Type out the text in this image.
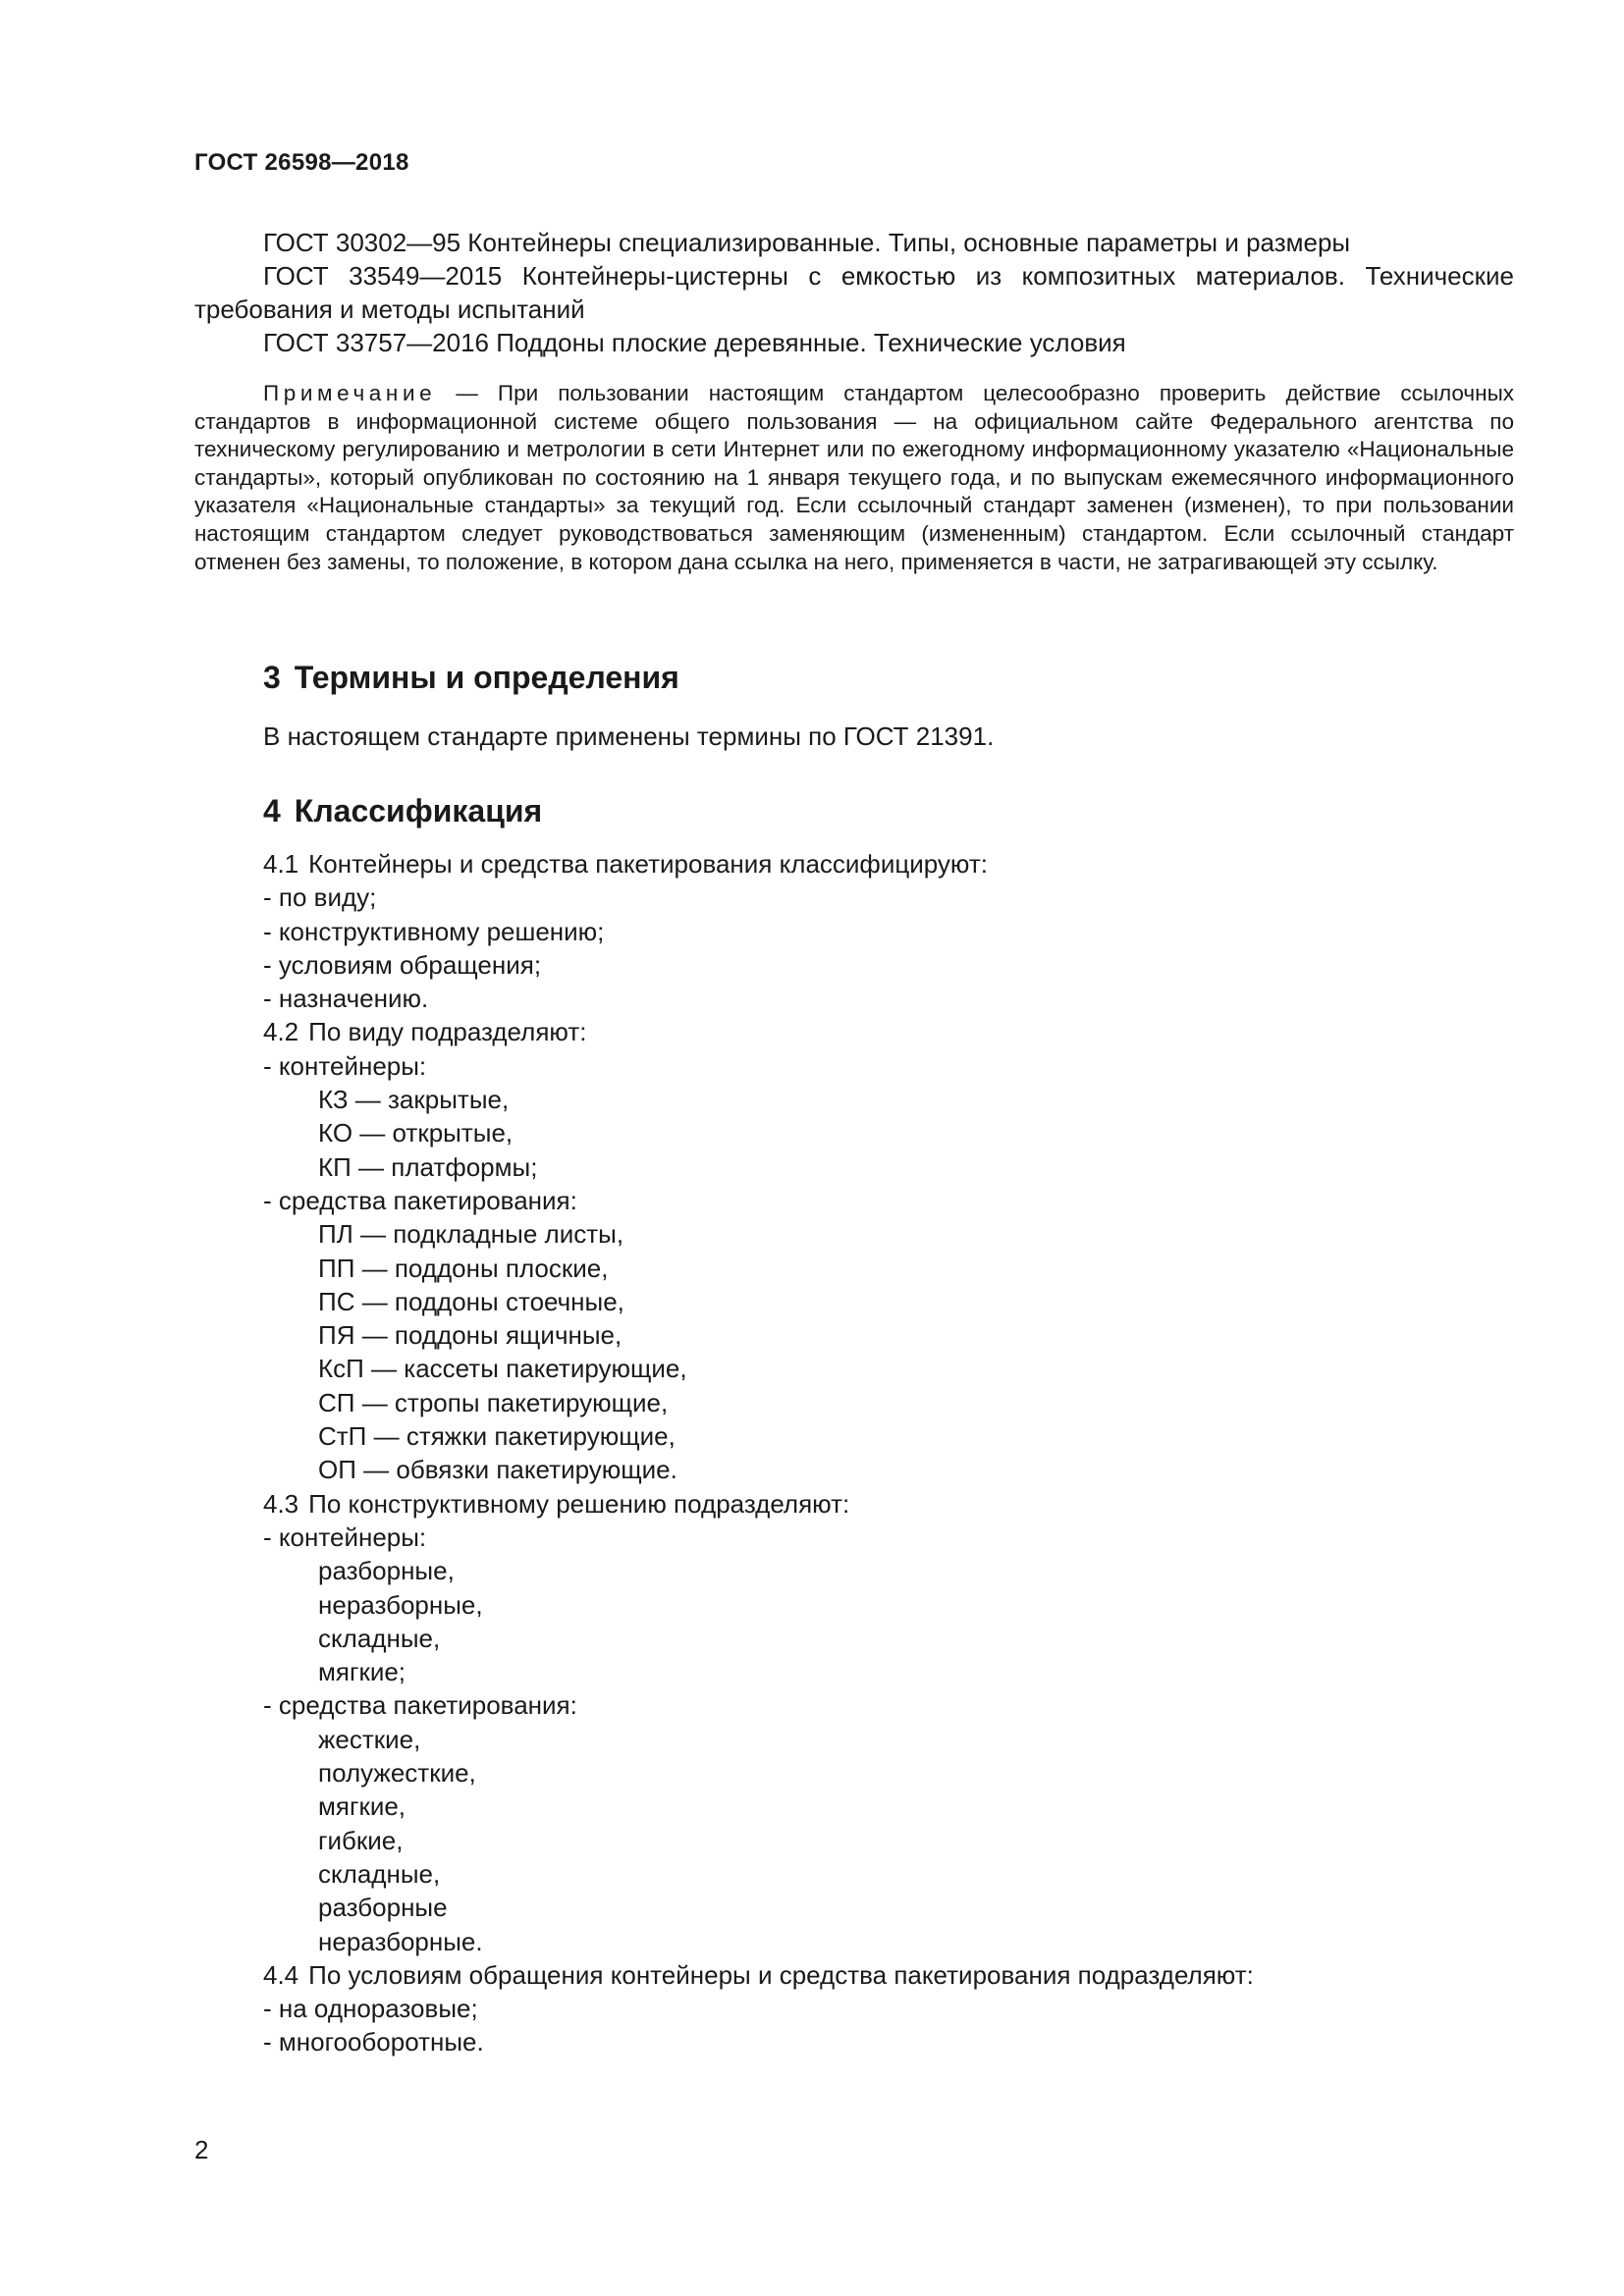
ГОСТ 26598—2018

ГОСТ 30302—95 Контейнеры специализированные. Типы, основные параметры и размеры

ГОСТ 33549—2015 Контейнеры-цистерны с емкостью из композитных материалов. Технические требования и методы испытаний

ГОСТ 33757—2016 Поддоны плоские деревянные. Технические условия

Примечание — При пользовании настоящим стандартом целесообразно проверить действие ссылочных стандартов в информационной системе общего пользования — на официальном сайте Федерального агентства по техническому регулированию и метрологии в сети Интернет или по ежегодному информационному указателю «Национальные стандарты», который опубликован по состоянию на 1 января текущего года, и по выпускам ежемесячного информационного указателя «Национальные стандарты» за текущий год. Если ссылочный стандарт заменен (изменен), то при пользовании настоящим стандартом следует руководствоваться заменяющим (измененным) стандартом. Если ссылочный стандарт отменен без замены, то положение, в котором дана ссылка на него, применяется в части, не затрагивающей эту ссылку.

3 Термины и определения

В настоящем стандарте применены термины по ГОСТ 21391.

4 Классификация
4.1 Контейнеры и средства пакетирования классифицируют:
- по виду;
- конструктивному решению;
- условиям обращения;
- назначению.
4.2 По виду подразделяют:
- контейнеры:
КЗ — закрытые,
КО — открытые,
КП — платформы;
- средства пакетирования:
ПЛ — подкладные листы,
ПП — поддоны плоские,
ПС — поддоны стоечные,
ПЯ — поддоны ящичные,
КсП — кассеты пакетирующие,
СП — стропы пакетирующие,
СтП — стяжки пакетирующие,
ОП — обвязки пакетирующие.
4.3 По конструктивному решению подразделяют:
- контейнеры:
разборные,
неразборные,
складные,
мягкие;
- средства пакетирования:
жесткие,
полужесткие,
мягкие,
гибкие,
складные,
разборные
неразборные.
4.4 По условиям обращения контейнеры и средства пакетирования подразделяют:
- на одноразовые;
- многооборотные.
2
